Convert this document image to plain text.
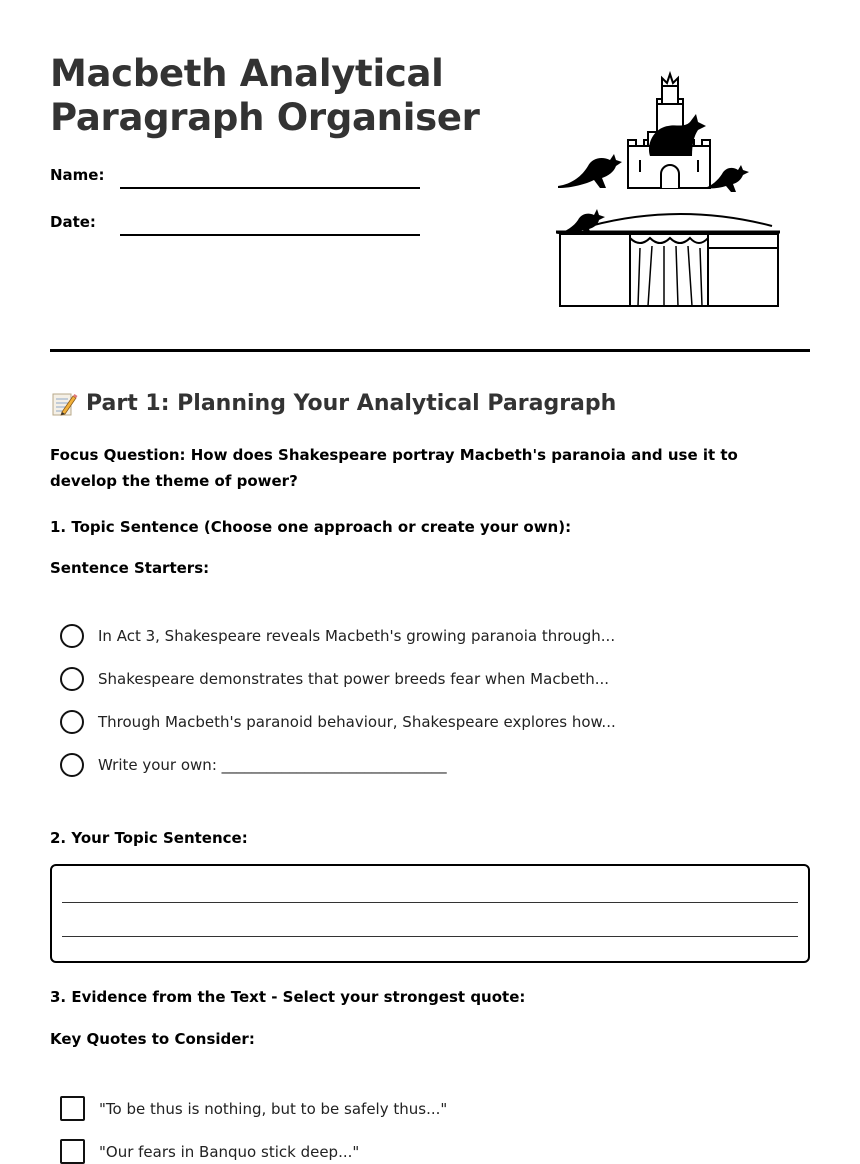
Macbeth Analytical
Paragraph Organiser
Name:
Date:
Part 1: Planning Your Analytical Paragraph
Focus Question: How does Shakespeare portray Macbeth's paranoia and use it to develop the theme of power?
1. Topic Sentence (Choose one approach or create your own):
Sentence Starters:
In Act 3, Shakespeare reveals Macbeth's growing paranoia through...
Shakespeare demonstrates that power breeds fear when Macbeth...
Through Macbeth's paranoid behaviour, Shakespeare explores how...
Write your own: ______________________________
2. Your Topic Sentence:
3. Evidence from the Text - Select your strongest quote:
Key Quotes to Consider:
"To be thus is nothing, but to be safely thus..."
"Our fears in Banquo stick deep..."
